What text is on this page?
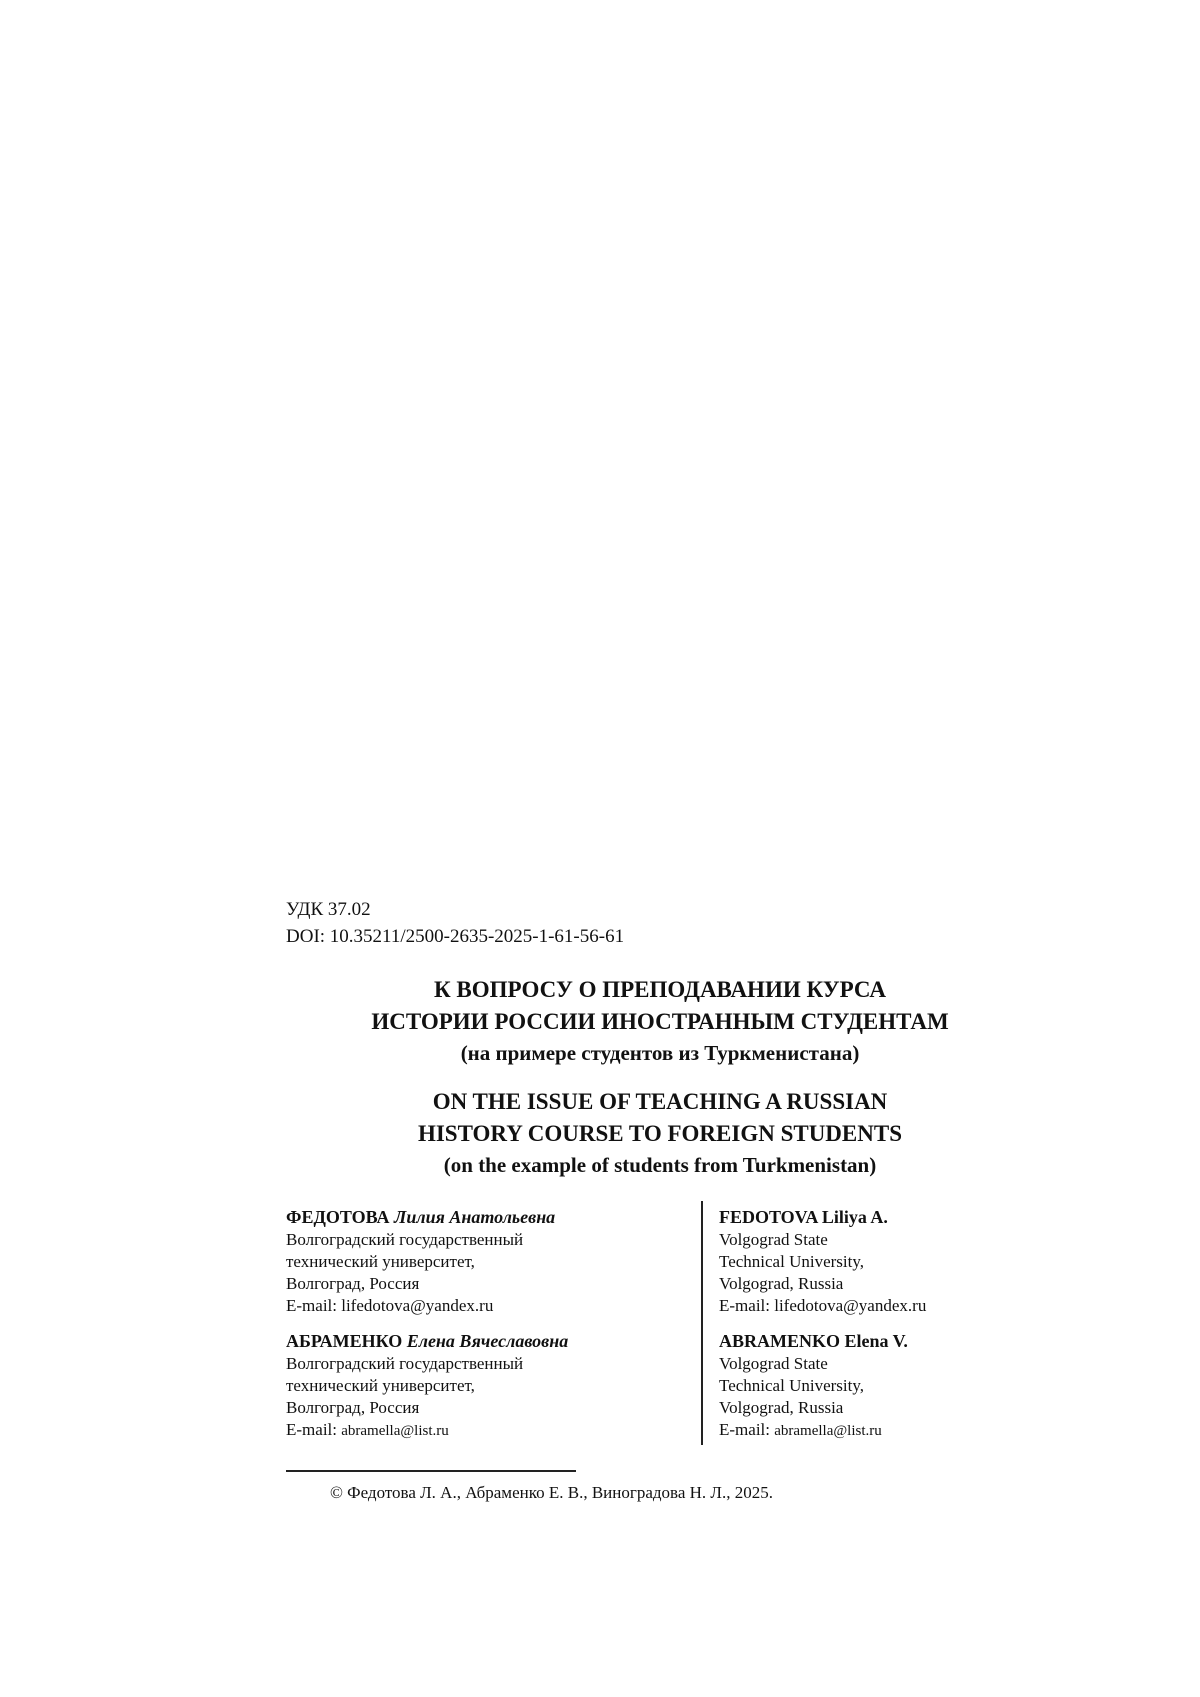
УДК 37.02
DOI: 10.35211/2500-2635-2025-1-61-56-61
К ВОПРОСУ О ПРЕПОДАВАНИИ КУРСА
ИСТОРИИ РОССИИ ИНОСТРАННЫМ СТУДЕНТАМ
(на примере студентов из Туркменистана)
ON THE ISSUE OF TEACHING A RUSSIAN
HISTORY COURSE TO FOREIGN STUDENTS
(on the example of students from Turkmenistan)
ФЕДОТОВА Лилия Анатольевна
Волгоградский государственный
технический университет,
Волгоград, Россия
E-mail: lifedotova@yandex.ru
АБРАМЕНКО Елена Вячеславовна
Волгоградский государственный
технический университет,
Волгоград, Россия
E-mail: abramella@list.ru
FEDOTOVA Liliya A.
Volgograd State
Technical University,
Volgograd, Russia
E-mail: lifedotova@yandex.ru
ABRAMENKO Elena V.
Volgograd State
Technical University,
Volgograd, Russia
E-mail: abramella@list.ru
© Федотова Л. А., Абраменко Е. В., Виноградова Н. Л., 2025.
